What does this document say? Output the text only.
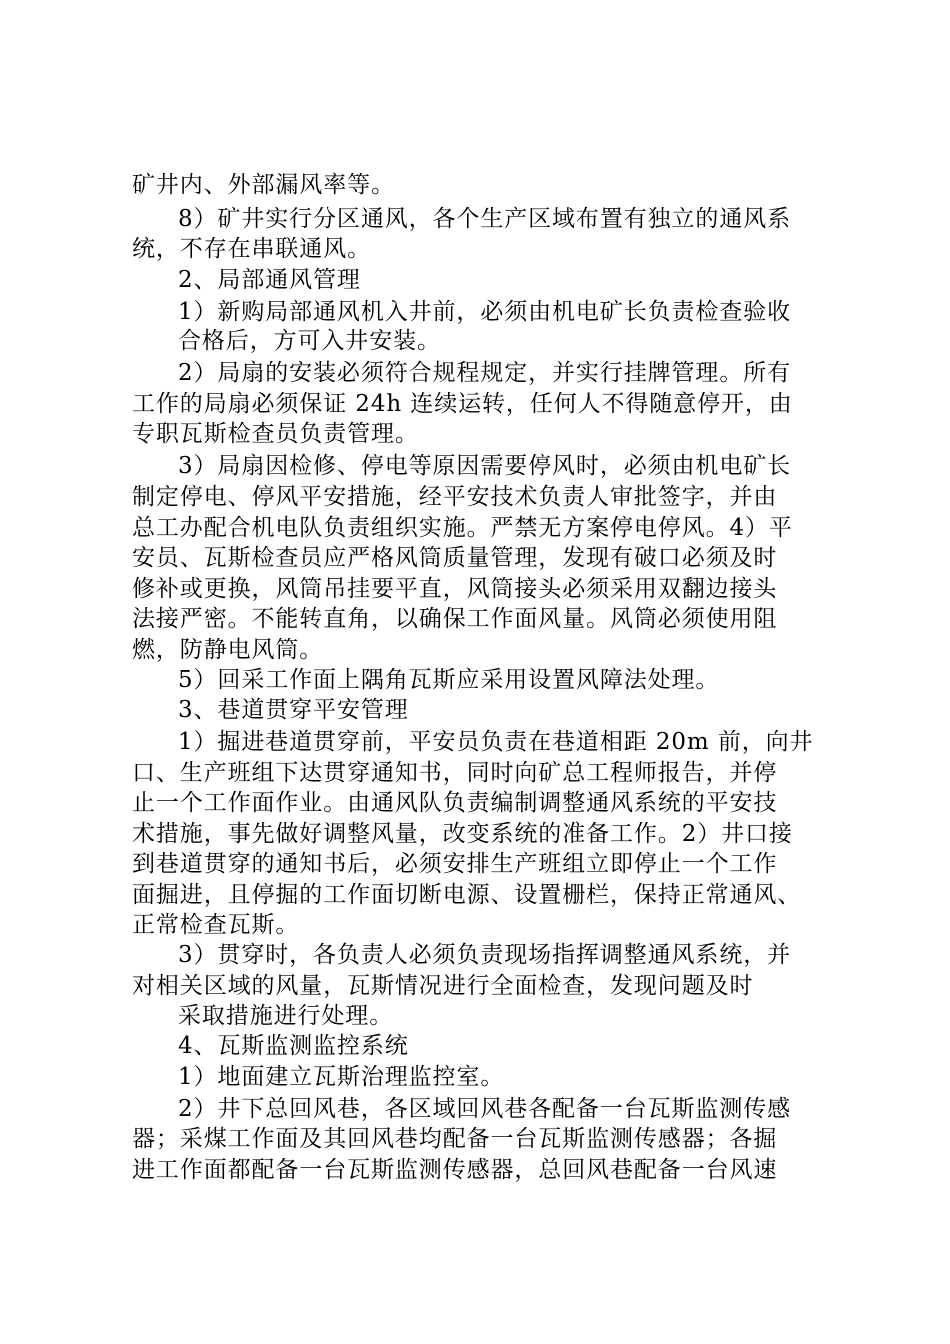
矿井内、外部漏风率等。
8）矿井实行分区通风，各个生产区域布置有独立的通风系
统，不存在串联通风。
2、局部通风管理
1）新购局部通风机入井前，必须由机电矿长负责检查验收
合格后，方可入井安装。
2）局扇的安装必须符合规程规定，并实行挂牌管理。所有
工作的局扇必须保证 24h 连续运转，任何人不得随意停开，由
专职瓦斯检查员负责管理。
3）局扇因检修、停电等原因需要停风时，必须由机电矿长
制定停电、停风平安措施，经平安技术负责人审批签字，并由
总工办配合机电队负责组织实施。严禁无方案停电停风。4）平
安员、瓦斯检查员应严格风筒质量管理，发现有破口必须及时
修补或更换，风筒吊挂要平直，风筒接头必须采用双翻边接头
法接严密。不能转直角，以确保工作面风量。风筒必须使用阻
燃，防静电风筒。
5）回采工作面上隅角瓦斯应采用设置风障法处理。
3、巷道贯穿平安管理
1）掘进巷道贯穿前，平安员负责在巷道相距 20m 前，向井
口、生产班组下达贯穿通知书，同时向矿总工程师报告，并停
止一个工作面作业。由通风队负责编制调整通风系统的平安技
术措施，事先做好调整风量，改变系统的准备工作。2）井口接
到巷道贯穿的通知书后，必须安排生产班组立即停止一个工作
面掘进，且停掘的工作面切断电源、设置栅栏，保持正常通风、
正常检查瓦斯。
3）贯穿时，各负责人必须负责现场指挥调整通风系统，并
对相关区域的风量，瓦斯情况进行全面检查，发现问题及时
采取措施进行处理。
4、瓦斯监测监控系统
1）地面建立瓦斯治理监控室。
2）井下总回风巷，各区域回风巷各配备一台瓦斯监测传感
器；采煤工作面及其回风巷均配备一台瓦斯监测传感器；各掘
进工作面都配备一台瓦斯监测传感器，总回风巷配备一台风速
